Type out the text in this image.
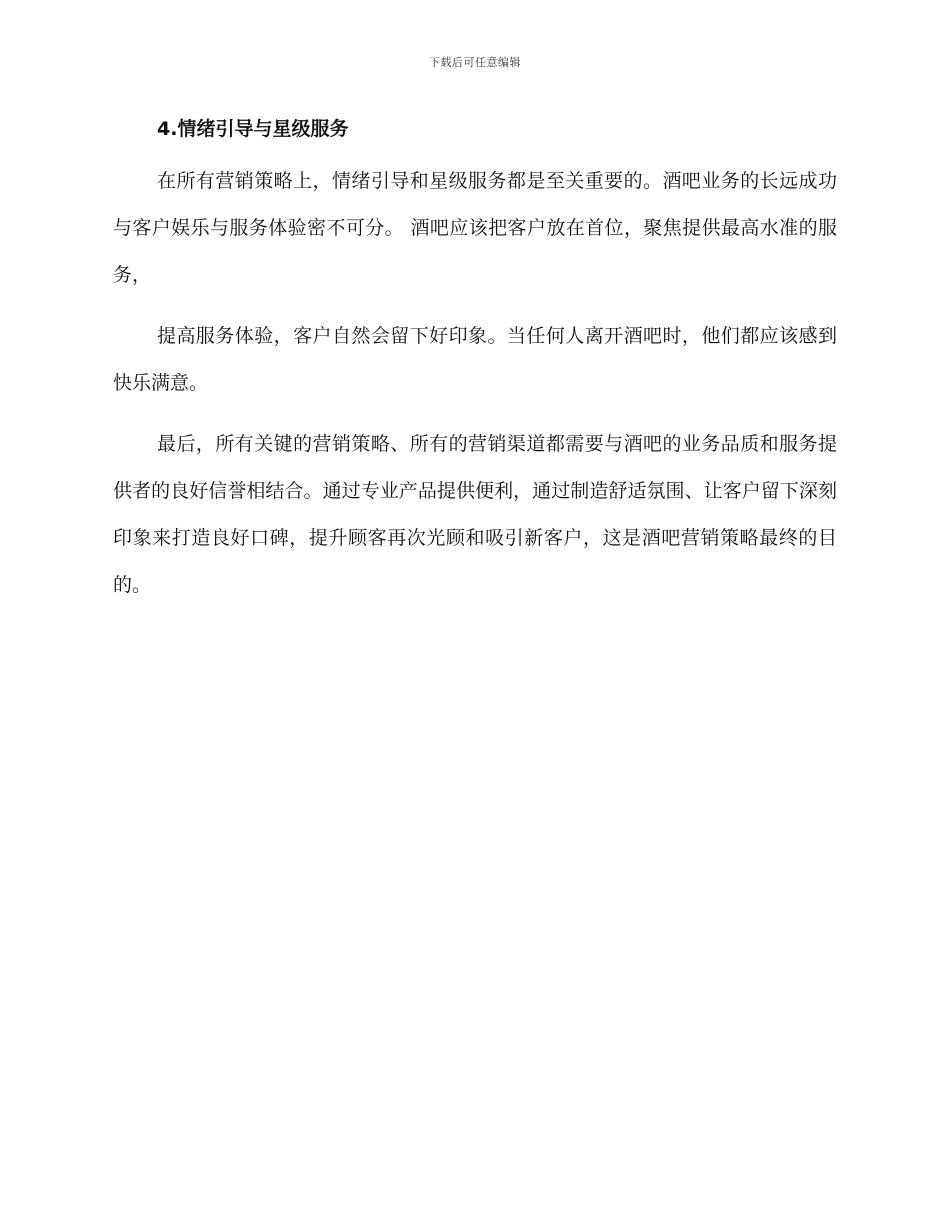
下载后可任意编辑
4.情绪引导与星级服务

在所有营销策略上，情绪引导和星级服务都是至关重要的。酒吧业务的长远成功与客户娱乐与服务体验密不可分。 酒吧应该把客户放在首位，聚焦提供最高水准的服务，

提高服务体验，客户自然会留下好印象。当任何人离开酒吧时，他们都应该感到快乐满意。

最后，所有关键的营销策略、所有的营销渠道都需要与酒吧的业务品质和服务提供者的良好信誉相结合。通过专业产品提供便利，通过制造舒适氛围、让客户留下深刻印象来打造良好口碑，提升顾客再次光顾和吸引新客户，这是酒吧营销策略最终的目的。
